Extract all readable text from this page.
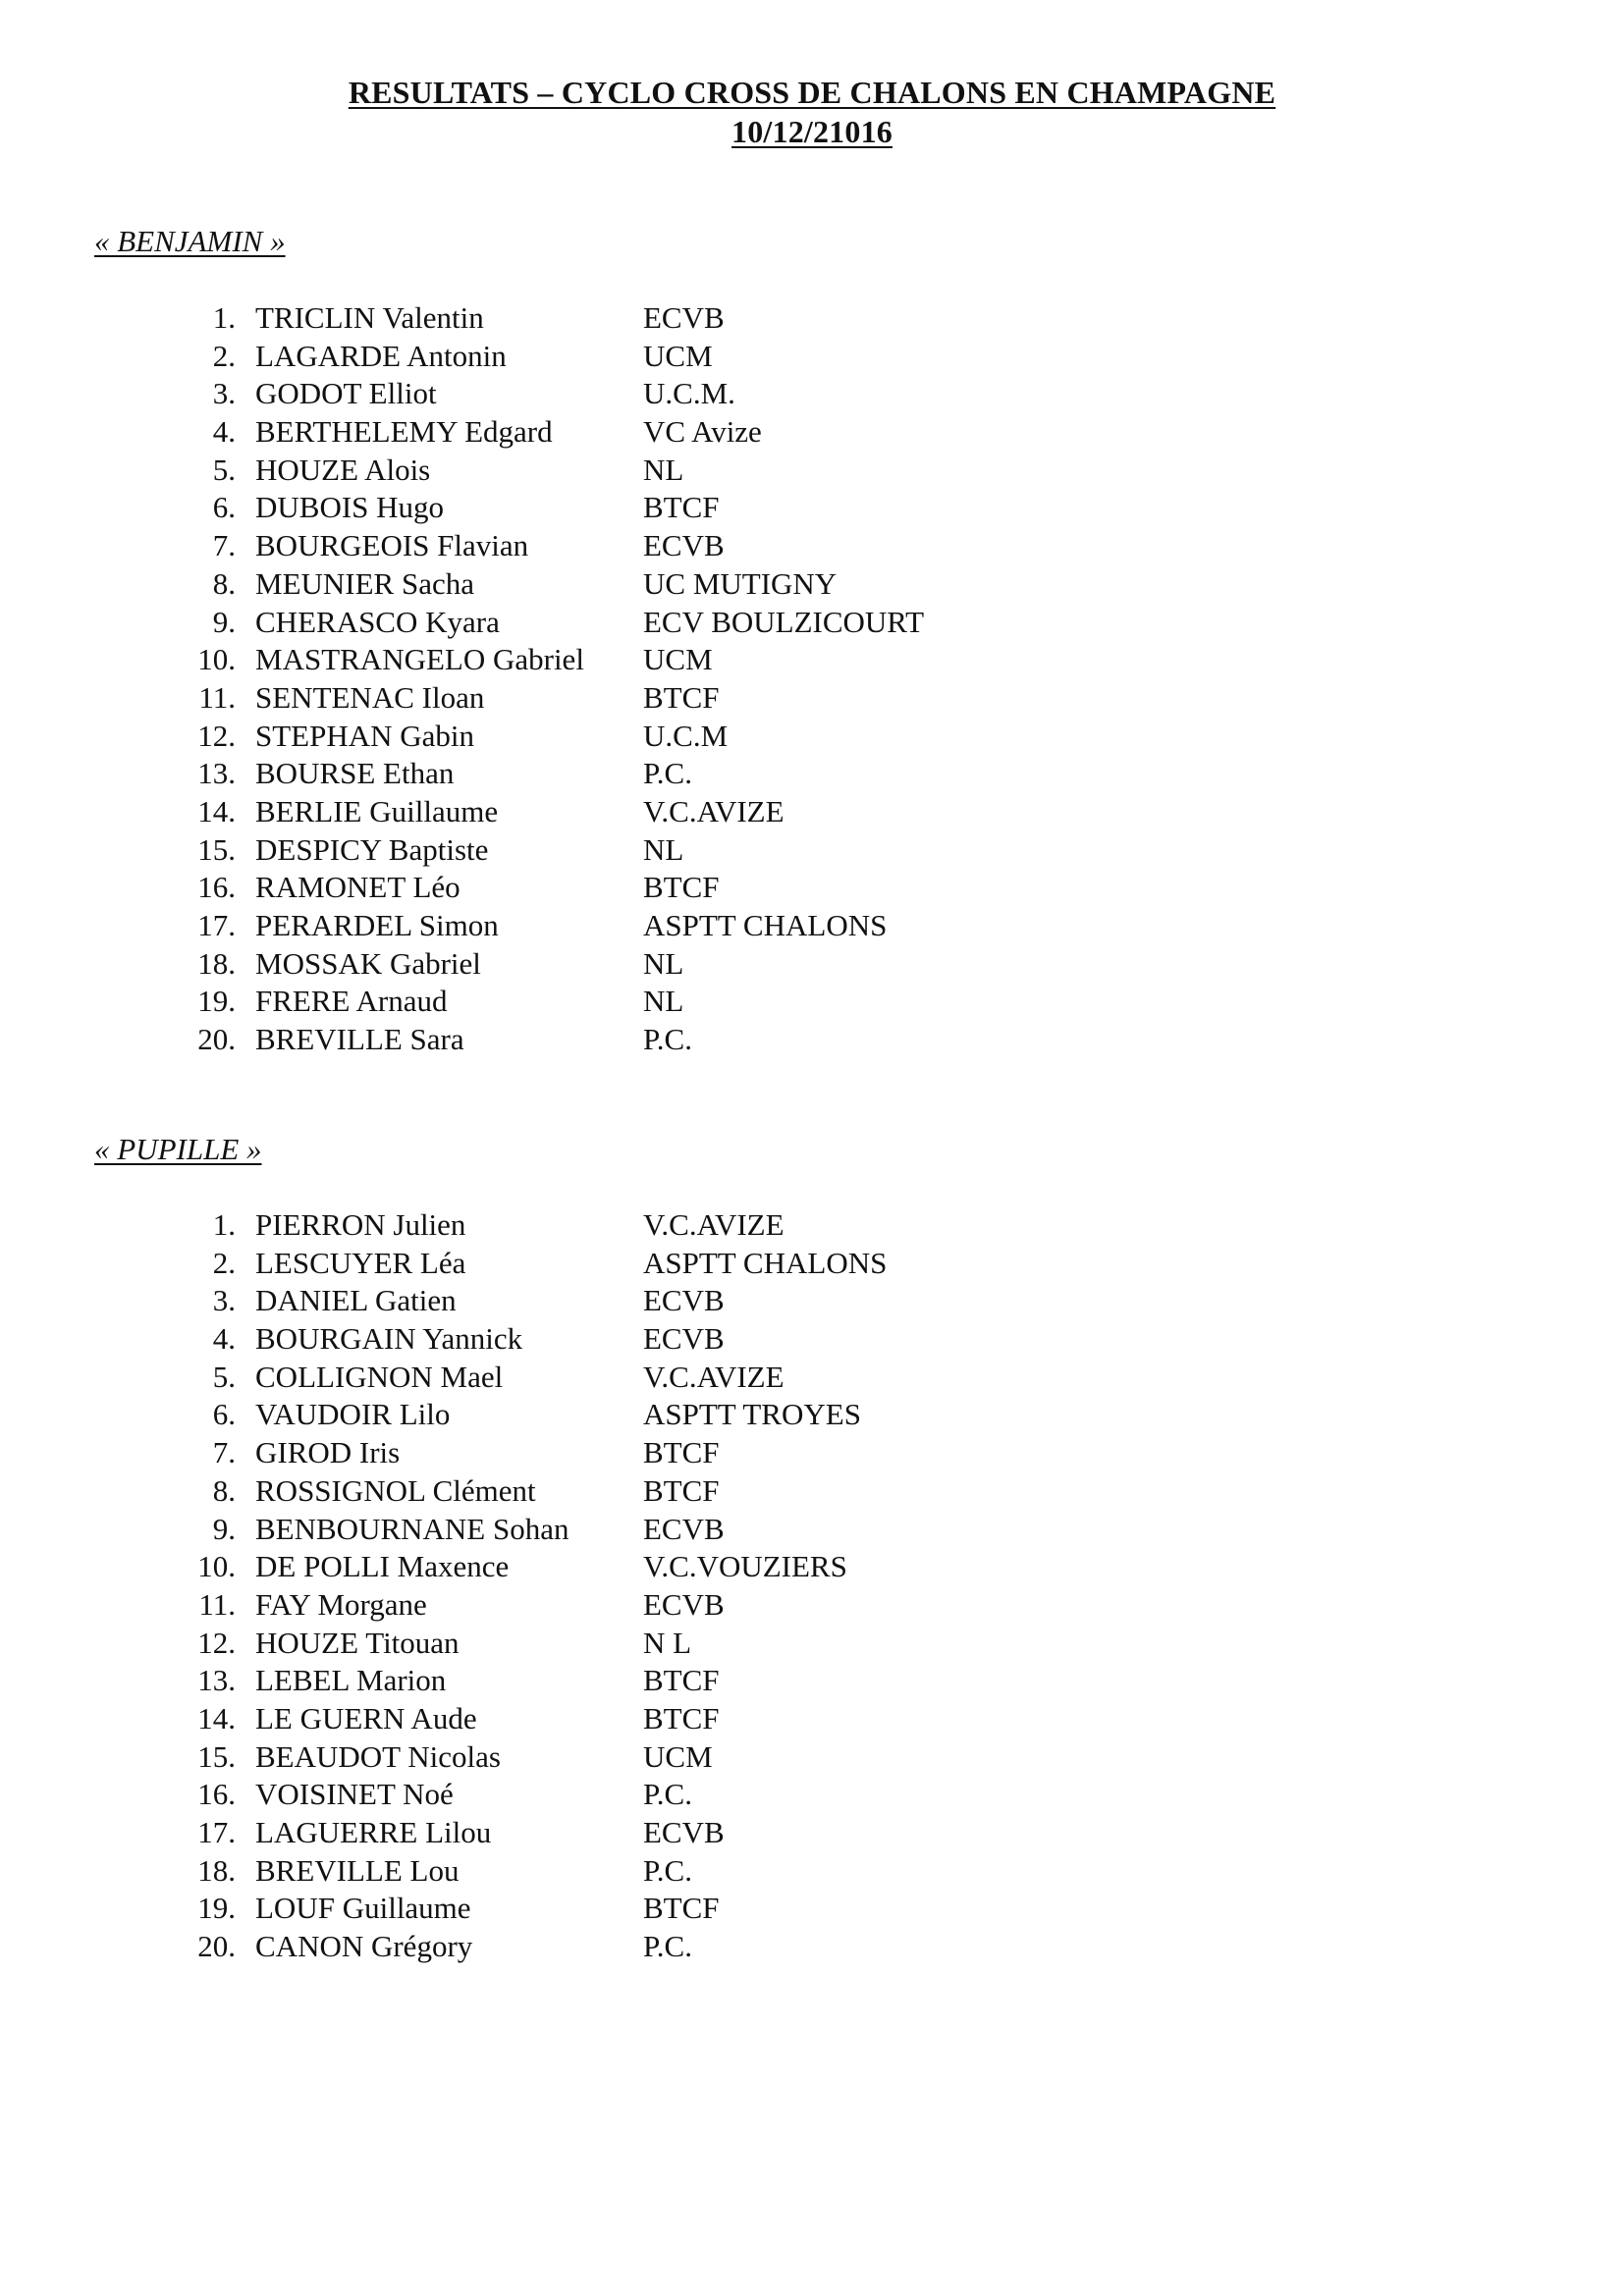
RESULTATS – CYCLO CROSS DE CHALONS EN CHAMPAGNE
10/12/21016
« BENJAMIN »
1. TRICLIN Valentin	ECVB
2. LAGARDE Antonin	UCM
3. GODOT Elliot	U.C.M.
4. BERTHELEMY Edgard	VC Avize
5. HOUZE Alois	NL
6. DUBOIS Hugo	BTCF
7. BOURGEOIS Flavian	ECVB
8. MEUNIER Sacha	UC MUTIGNY
9. CHERASCO Kyara	ECV BOULZICOURT
10. MASTRANGELO Gabriel UCM
11. SENTENAC Iloan	BTCF
12. STEPHAN Gabin	U.C.M
13. BOURSE Ethan	P.C.
14. BERLIE Guillaume	V.C.AVIZE
15. DESPICY Baptiste	NL
16. RAMONET Léo	BTCF
17. PERARDEL Simon	ASPTT CHALONS
18. MOSSAK Gabriel	NL
19. FRERE Arnaud	NL
20. BREVILLE Sara	P.C.
« PUPILLE »
1. PIERRON Julien	V.C.AVIZE
2. LESCUYER Léa	ASPTT CHALONS
3. DANIEL Gatien	ECVB
4. BOURGAIN Yannick	ECVB
5. COLLIGNON Mael	V.C.AVIZE
6. VAUDOIR Lilo	ASPTT TROYES
7. GIROD Iris	BTCF
8. ROSSIGNOL Clément	BTCF
9. BENBOURNANE Sohan ECVB
10. DE POLLI Maxence	V.C.VOUZIERS
11. FAY Morgane	ECVB
12. HOUZE Titouan	N L
13. LEBEL Marion	BTCF
14. LE GUERN Aude	BTCF
15. BEAUDOT Nicolas	UCM
16. VOISINET Noé	P.C.
17. LAGUERRE Lilou	ECVB
18. BREVILLE Lou	P.C.
19. LOUF Guillaume	BTCF
20. CANON Grégory	P.C.
